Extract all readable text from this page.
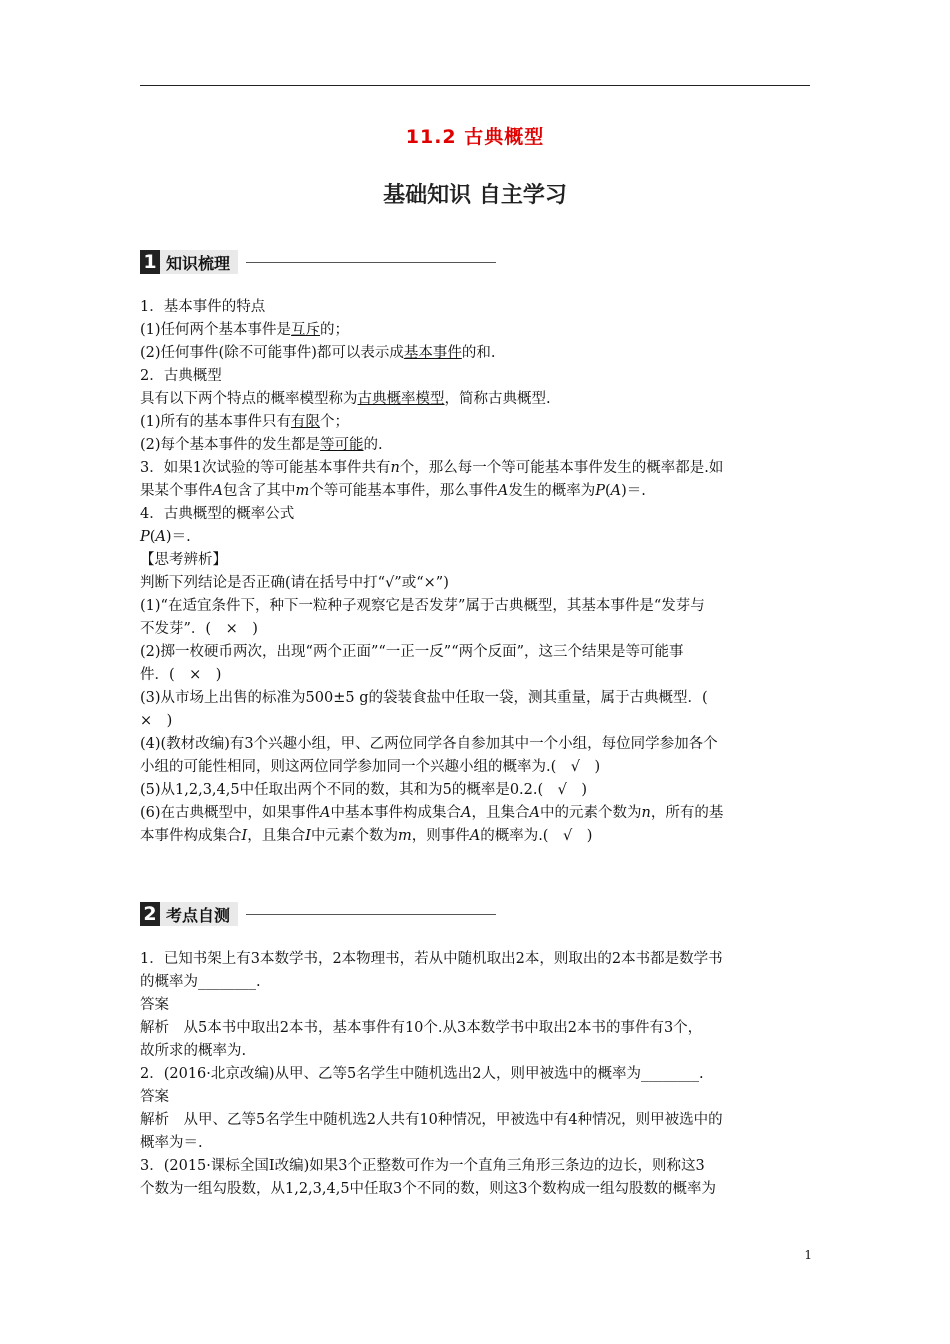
11.2 古典概型
基础知识 自主学习
1 知识梳理

1．基本事件的特点

(1)任何两个基本事件是互斥的；

(2)任何事件(除不可能事件)都可以表示成基本事件的和.

2．古典概型

具有以下两个特点的概率模型称为古典概率模型，简称古典概型.

(1)所有的基本事件只有有限个；

(2)每个基本事件的发生都是等可能的.

3．如果1次试验的等可能基本事件共有n个，那么每一个等可能基本事件发生的概率都是.如

果某个事件A包含了其中m个等可能基本事件，那么事件A发生的概率为P(A)＝.

4．古典概型的概率公式

P(A)＝.

【思考辨析】

判断下列结论是否正确(请在括号中打“√”或“×”)

(1)“在适宜条件下，种下一粒种子观察它是否发芽”属于古典概型，其基本事件是“发芽与

不发芽”．(　×　)

(2)掷一枚硬币两次，出现“两个正面”“一正一反”“两个反面”，这三个结果是等可能事

件．(　×　)

(3)从市场上出售的标准为500±5 g的袋装食盐中任取一袋，测其重量，属于古典概型．(

×　)

(4)(教材改编)有3个兴趣小组，甲、乙两位同学各自参加其中一个小组，每位同学参加各个

小组的可能性相同，则这两位同学参加同一个兴趣小组的概率为.(　√　)

(5)从1,2,3,4,5中任取出两个不同的数，其和为5的概率是0.2.(　√　)

(6)在古典概型中，如果事件A中基本事件构成集合A，且集合A中的元素个数为n，所有的基

本事件构成集合I，且集合I中元素个数为m，则事件A的概率为.(　√　)

2 考点自测

1．已知书架上有3本数学书，2本物理书，若从中随机取出2本，则取出的2本书都是数学书

的概率为________.

答案

解析　从5本书中取出2本书，基本事件有10个.从3本数学书中取出2本书的事件有3个，

故所求的概率为.

2．(2016·北京改编)从甲、乙等5名学生中随机选出2人，则甲被选中的概率为________.

答案

解析　从甲、乙等5名学生中随机选2人共有10种情况，甲被选中有4种情况，则甲被选中的

概率为＝.

3．(2015·课标全国Ⅰ改编)如果3个正整数可作为一个直角三角形三条边的边长，则称这3

个数为一组勾股数，从1,2,3,4,5中任取3个不同的数，则这3个数构成一组勾股数的概率为

1
